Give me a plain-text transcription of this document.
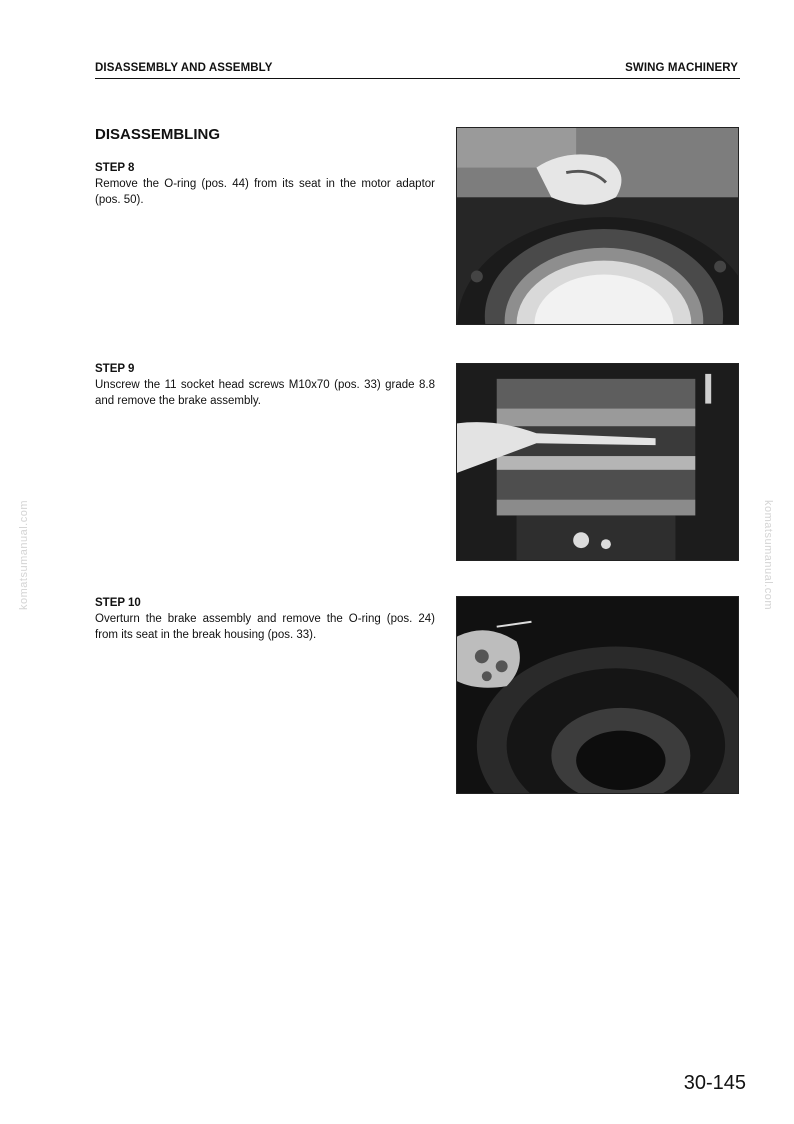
DISASSEMBLY AND ASSEMBLY	SWING MACHINERY
DISASSEMBLING
STEP 8
Remove the O-ring (pos. 44) from its seat in the motor adaptor (pos. 50).
STEP 9
Unscrew the 11 socket head screws M10x70 (pos. 33) grade 8.8 and remove the brake assembly.
STEP 10
Overturn the brake assembly and remove the O-ring (pos. 24) from its seat in the break housing (pos. 33).
komatsumanual.com	komatsumanual.com
30-145
